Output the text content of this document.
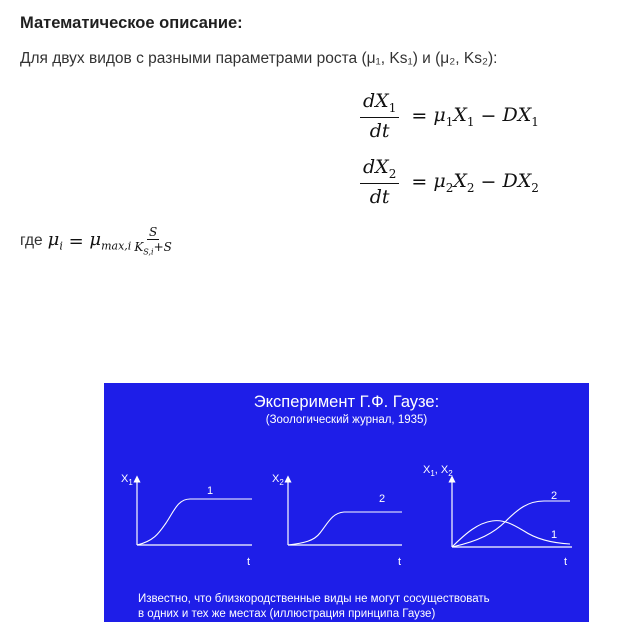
Математическое описание:
Для двух видов с разными параметрами роста (μ₁, Ks₁) и (μ₂, Ks₂):
$\frac{dX_1}{dt} = \mu_1X_1 - DX_1$
$\frac{dX_2}{dt} = \mu_2X_2 - DX_2$
где $\mu_i = \mu_{max,i} \frac{S}{K_{S,i}+S}$
Эксперимент Г.Ф. Гаузе:
(Зоологический журнал, 1935)
$X_1$
t
1
$X_2$
t
2
$X_1$, $X_2$
t
2
1
Известно, что близкородственные виды не могут сосуществовать
в одних и тех же местах (иллюстрация принципа Гаузе)
